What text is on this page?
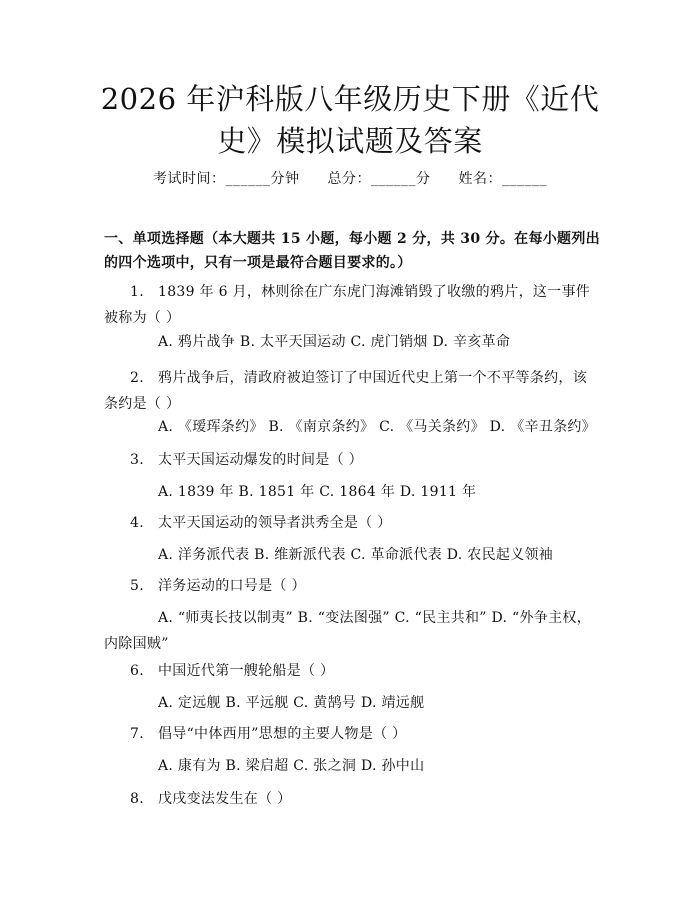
2026 年沪科版八年级历史下册《近代史》模拟试题及答案
考试时间：______分钟 总分：______分 姓名：______
一、单项选择题（本大题共 15 小题，每小题 2 分，共 30 分。在每小题列出的四个选项中，只有一项是最符合题目要求的。）
1. 1839 年 6 月，林则徐在广东虎门海滩销毁了收缴的鸦片，这一事件被称为（ ）
A. 鸦片战争 B. 太平天国运动 C. 虎门销烟 D. 辛亥革命
2. 鸦片战争后，清政府被迫签订了中国近代史上第一个不平等条约，该条约是（ ）
A. 《瑷珲条约》 B. 《南京条约》 C. 《马关条约》 D. 《辛丑条约》
3. 太平天国运动爆发的时间是（ ）
A. 1839 年 B. 1851 年 C. 1864 年 D. 1911 年
4. 太平天国运动的领导者洪秀全是（ ）
A. 洋务派代表 B. 维新派代表 C. 革命派代表 D. 农民起义领袖
5. 洋务运动的口号是（ ）
A. “师夷长技以制夷” B. “变法图强” C. “民主共和” D. “外争主权，内除国贼”
6. 中国近代第一艘轮船是（ ）
A. 定远舰 B. 平远舰 C. 黄鹄号 D. 靖远舰
7. 倡导“中体西用”思想的主要人物是（ ）
A. 康有为 B. 梁启超 C. 张之洞 D. 孙中山
8. 戊戌变法发生在（ ）
